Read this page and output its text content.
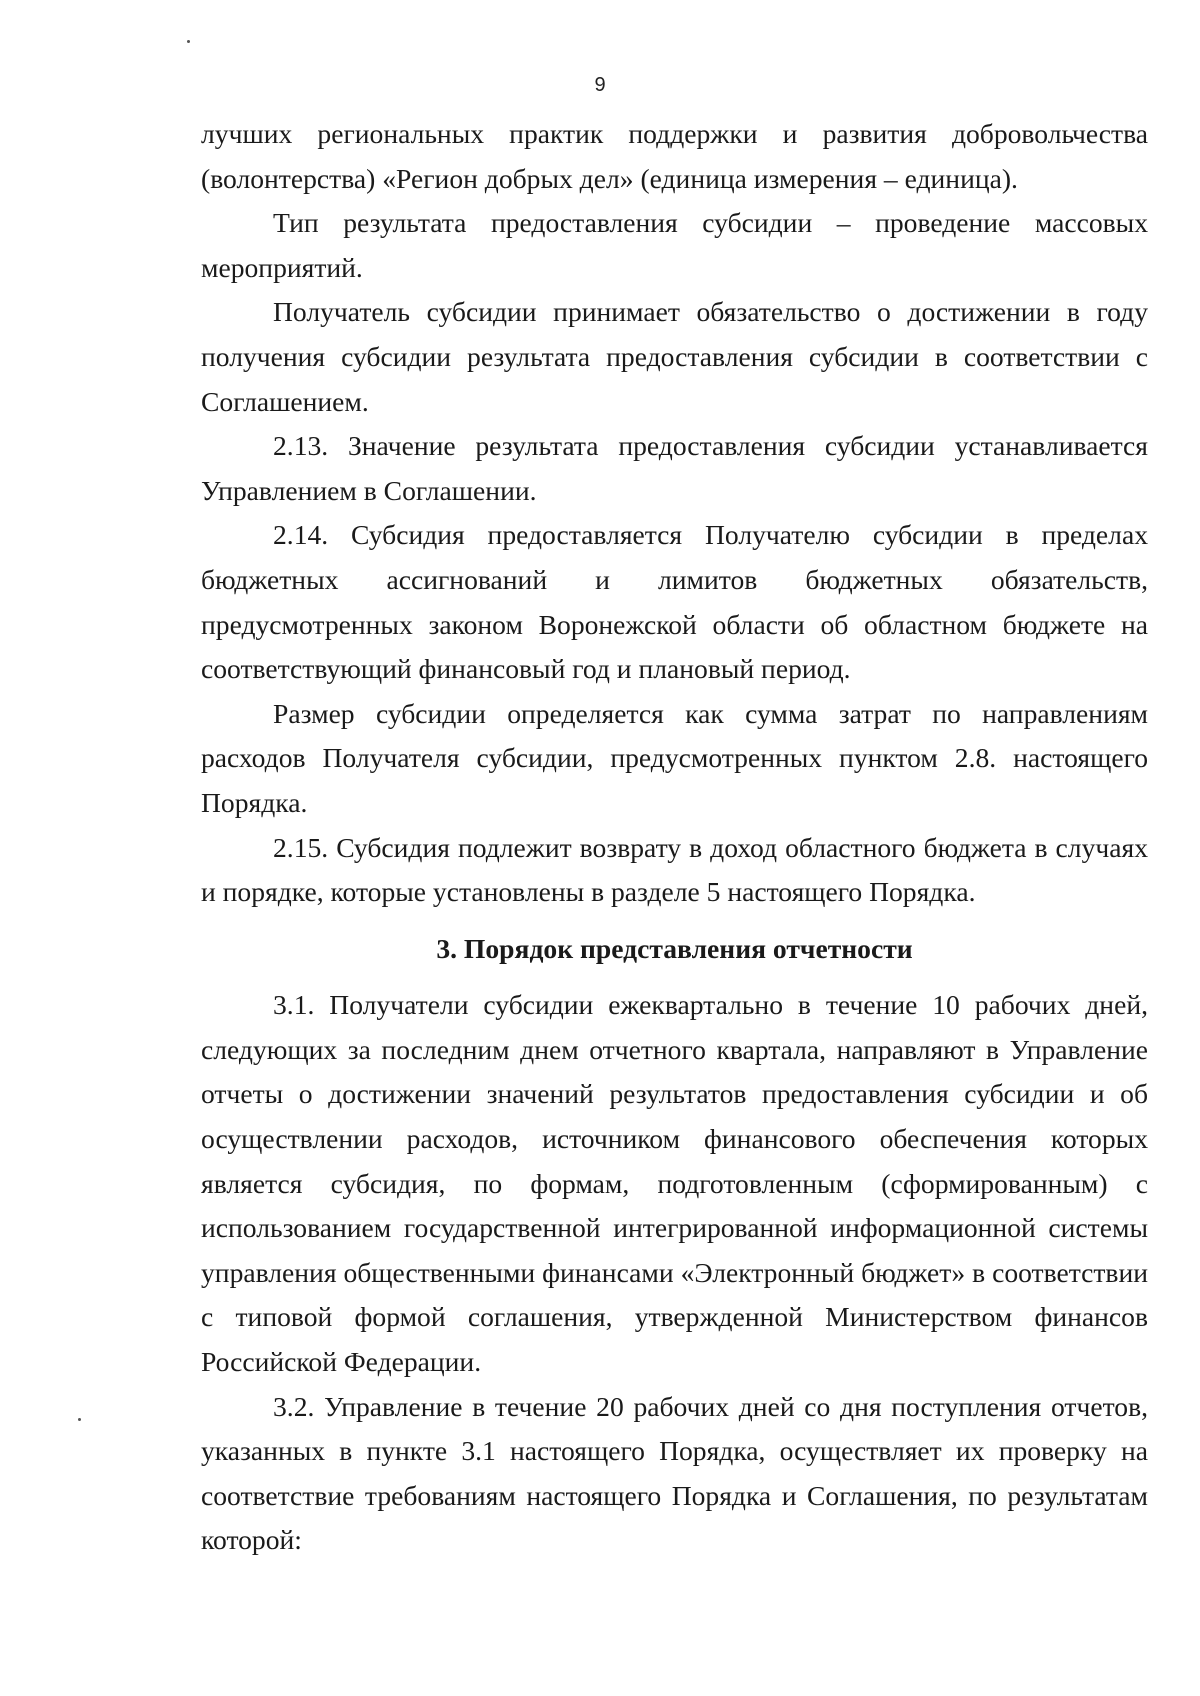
9

лучших региональных практик поддержки и развития добровольчества (волонтерства) «Регион добрых дел» (единица измерения – единица).

Тип результата предоставления субсидии – проведение массовых мероприятий.

Получатель субсидии принимает обязательство о достижении в году получения субсидии результата предоставления субсидии в соответствии с Соглашением.

2.13. Значение результата предоставления субсидии устанавливается Управлением в Соглашении.

2.14. Субсидия предоставляется Получателю субсидии в пределах бюджетных ассигнований и лимитов бюджетных обязательств, предусмотренных законом Воронежской области об областном бюджете на соответствующий финансовый год и плановый период.

Размер субсидии определяется как сумма затрат по направлениям расходов Получателя субсидии, предусмотренных пунктом 2.8. настоящего Порядка.

2.15. Субсидия подлежит возврату в доход областного бюджета в случаях и порядке, которые установлены в разделе 5 настоящего Порядка.

3. Порядок представления отчетности

3.1. Получатели субсидии ежеквартально в течение 10 рабочих дней, следующих за последним днем отчетного квартала, направляют в Управление отчеты о достижении значений результатов предоставления субсидии и об осуществлении расходов, источником финансового обеспечения которых является субсидия, по формам, подготовленным (сформированным) с использованием государственной интегрированной информационной системы управления общественными финансами «Электронный бюджет» в соответствии с типовой формой соглашения, утвержденной Министерством финансов Российской Федерации.

3.2. Управление в течение 20 рабочих дней со дня поступления отчетов, указанных в пункте 3.1 настоящего Порядка, осуществляет их проверку на соответствие требованиям настоящего Порядка и Соглашения, по результатам которой:
